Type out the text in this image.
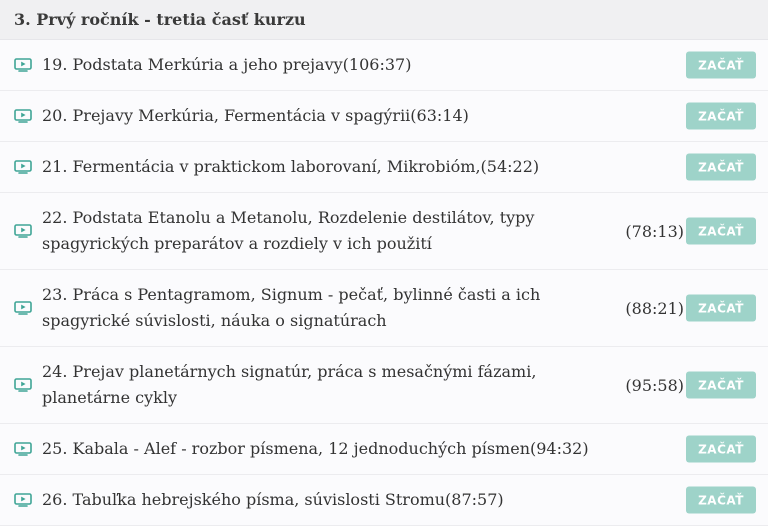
3. Prvý ročník - tretia časť kurzu
19. Podstata Merkúria a jeho prejavy(106:37)	ZAČAŤ
20. Prejavy Merkúria, Fermentácia v spagýrii(63:14)	ZAČAŤ
21. Fermentácia v praktickom laborovaní, Mikrobióm,(54:22)	ZAČAŤ
22. Podstata Etanolu a Metanolu, Rozdelenie destilátov, typy spagyrických preparátov a rozdiely v ich použití
(78:13)	ZAČAŤ
23. Práca s Pentagramom, Signum - pečať, bylinné časti a ich spagyrické súvislosti, náuka o signatúrach
(88:21)	ZAČAŤ
24. Prejav planetárnych signatúr, práca s mesačnými fázami, planetárne cykly
(95:58)	ZAČAŤ
25. Kabala - Alef - rozbor písmena, 12 jednoduchých písmen(94:32)	ZAČAŤ
26. Tabuľka hebrejského písma, súvislosti Stromu(87:57)	ZAČAŤ
